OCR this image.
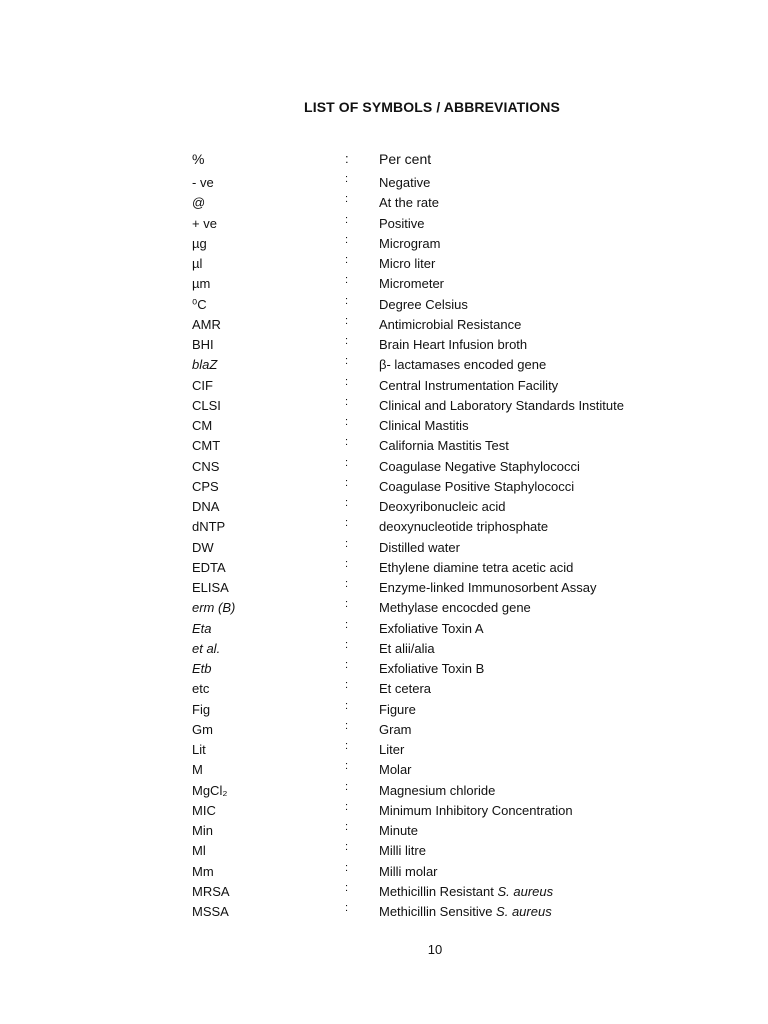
LIST OF SYMBOLS / ABBREVIATIONS
%	: Per cent
- ve	: Negative
@	: At the rate
+ ve	: Positive
µg	: Microgram
µl	: Micro liter
µm	: Micrometer
⁰C	: Degree Celsius
AMR	: Antimicrobial Resistance
BHI	: Brain Heart Infusion broth
blaZ	: β- lactamases encoded gene
CIF	: Central Instrumentation Facility
CLSI	: Clinical and Laboratory Standards Institute
CM	: Clinical Mastitis
CMT	: California Mastitis Test
CNS	: Coagulase Negative Staphylococci
CPS	: Coagulase Positive Staphylococci
DNA	: Deoxyribonucleic acid
dNTP	: deoxynucleotide triphosphate
DW	: Distilled water
EDTA	: Ethylene diamine tetra acetic acid
ELISA	: Enzyme-linked Immunosorbent Assay
erm (B)	: Methylase encocded gene
Eta	: Exfoliative Toxin A
et al.	: Et alii/alia
Etb	: Exfoliative Toxin B
etc	: Et cetera
Fig	: Figure
Gm	: Gram
Lit	: Liter
M	: Molar
MgCl₂	: Magnesium chloride
MIC	: Minimum Inhibitory Concentration
Min	: Minute
Ml	: Milli litre
Mm	: Milli molar
MRSA	: Methicillin Resistant S. aureus
MSSA	: Methicillin Sensitive S. aureus
10
